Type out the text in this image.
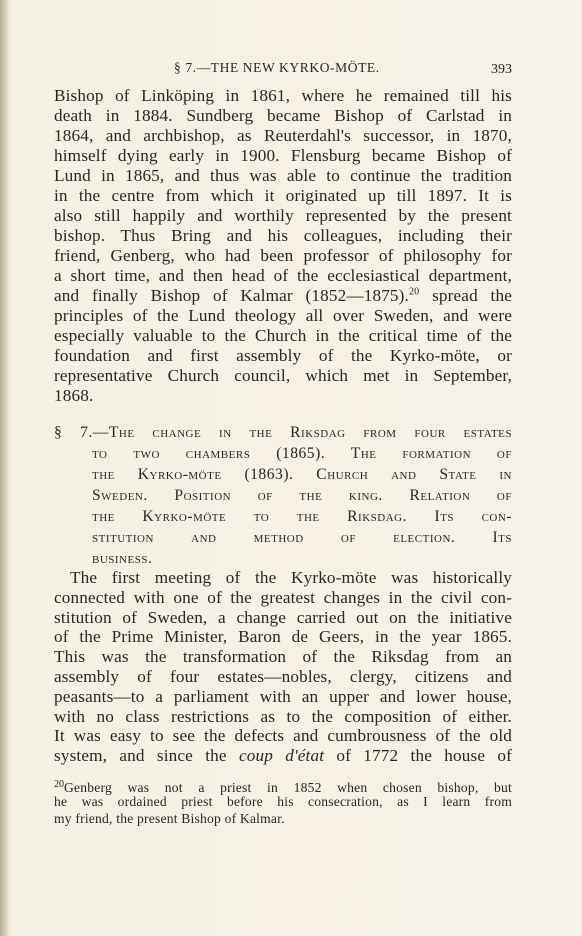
§ 7.—THE NEW KYRKO-MÖTE.	393
Bishop of Linköping in 1861, where he remained till his
death in 1884. Sundberg became Bishop of Carlstad in
1864, and archbishop, as Reuterdahl's successor, in 1870,
himself dying early in 1900. Flensburg became Bishop of
Lund in 1865, and thus was able to continue the tradition
in the centre from which it originated up till 1897. It is
also still happily and worthily represented by the present
bishop. Thus Bring and his colleagues, including their
friend, Genberg, who had been professor of philosophy for
a short time, and then head of the ecclesiastical department,
and finally Bishop of Kalmar (1852—1875).$^{20}$ spread the
principles of the Lund theology all over Sweden, and were
especially valuable to the Church in the critical time of the
foundation and first assembly of the Kyrko-möte, or
representative Church council, which met in September,
1868.
§ 7.—The change in the Riksdag from four estates
to two chambers (1865). The formation of
the Kyrko-möte (1863). Church and State in
Sweden. Position of the king. Relation of
the Kyrko-möte to the Riksdag. Its con-
stitution and method of election. Its
business.
The first meeting of the Kyrko-möte was historically
connected with one of the greatest changes in the civil con-
stitution of Sweden, a change carried out on the initiative
of the Prime Minister, Baron de Geers, in the year 1865.
This was the transformation of the Riksdag from an
assembly of four estates—nobles, clergy, citizens and
peasants—to a parliament with an upper and lower house,
with no class restrictions as to the composition of either.
It was easy to see the defects and cumbrousness of the old
system, and since the coup d'état of 1772 the house of
$^{20}$Genberg was not a priest in 1852 when chosen bishop, but
he was ordained priest before his consecration, as I learn from
my friend, the present Bishop of Kalmar.
